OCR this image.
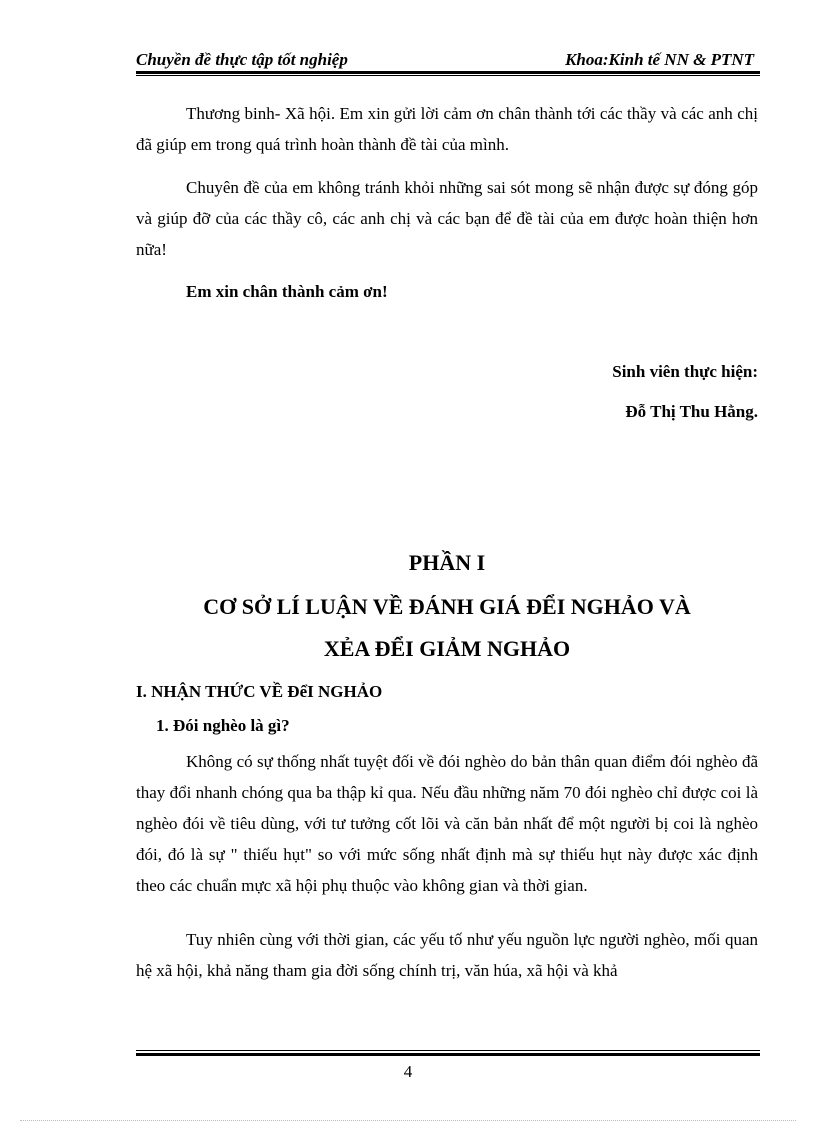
Chuyền đề thực tập tốt nghiệp	Khoa:Kinh tế NN & PTNT

Thương binh- Xã hội. Em xin gửi lời cảm ơn chân thành tới các thầy và các anh chị đã giúp em trong quá trình hoàn thành đề tài của mình.

Chuyên đề của em không tránh khỏi những sai sót mong sẽ nhận được sự đóng góp và giúp đỡ của các thầy cô, các anh chị và các bạn để đề tài của em được hoàn thiện hơn nữa!

Em xin chân thành cảm ơn!

Sinh viên thực hiện:
Đỗ Thị Thu Hằng.
PHẦN I
CƠ SỞ LÍ LUẬN VỀ ĐÁNH GIÁ ĐỂI NGHẢO VÀ
XẺA ĐỂI GIẢM NGHẢO
I. NHẬN THỨC VỀ ĐểI NGHẢO
1. Đói nghèo là gì?

Không có sự thống nhất tuyệt đối về đói nghèo do bản thân quan điểm đói nghèo đã thay đổi nhanh chóng qua ba thập kỉ qua. Nếu đầu những năm 70 đói nghèo chỉ được coi là nghèo đói về tiêu dùng, với tư tưởng cốt lõi và căn bản nhất để một người bị coi là nghèo đói, đó là sự " thiếu hụt" so với mức sống nhất định mà sự thiếu hụt này được xác định theo các chuẩn mực xã hội phụ thuộc vào không gian và thời gian.

Tuy nhiên cùng với thời gian, các yếu tố như yếu nguồn lực người nghèo, mối quan hệ xã hội, khả năng tham gia đời sống chính trị, văn húa, xã hội và khả

4
